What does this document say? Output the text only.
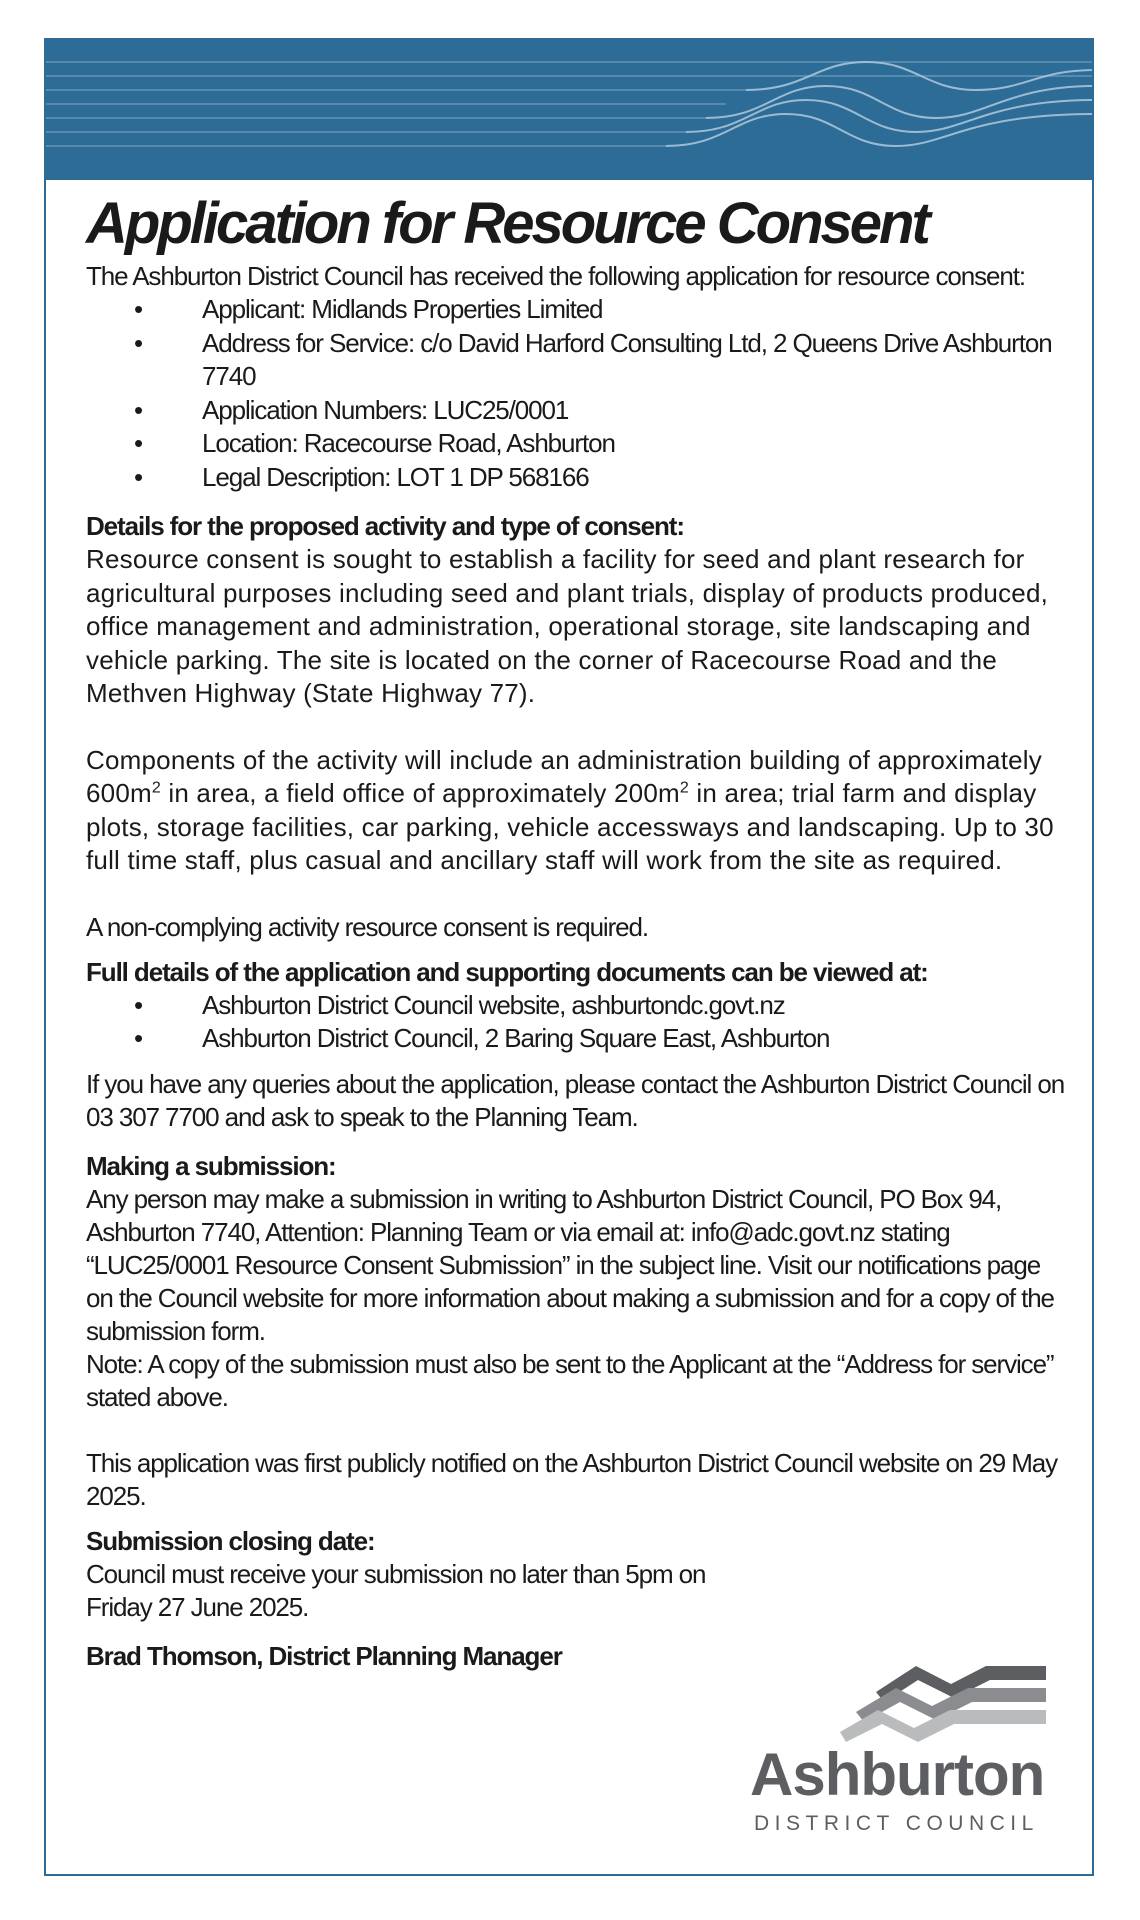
Application for Resource Consent

The Ashburton District Council has received the following application for resource consent:

• Applicant: Midlands Properties Limited
• Address for Service: c/o David Harford Consulting Ltd, 2 Queens Drive Ashburton 7740
• Application Numbers: LUC25/0001
• Location: Racecourse Road, Ashburton
• Legal Description: LOT 1 DP 568166

Details for the proposed activity and type of consent:

Resource consent is sought to establish a facility for seed and plant research for agricultural purposes including seed and plant trials, display of products produced, office management and administration, operational storage, site landscaping and vehicle parking. The site is located on the corner of Racecourse Road and the Methven Highway (State Highway 77).

Components of the activity will include an administration building of approximately $600m^2$ in area, a field office of approximately $200m^2$ in area; trial farm and display plots, storage facilities, car parking, vehicle accessways and landscaping. Up to 30 full time staff, plus casual and ancillary staff will work from the site as required.

A non-complying activity resource consent is required.

Full details of the application and supporting documents can be viewed at:

• Ashburton District Council website, ashburtondc.govt.nz
• Ashburton District Council, 2 Baring Square East, Ashburton

If you have any queries about the application, please contact the Ashburton District Council on 03 307 7700 and ask to speak to the Planning Team.

Making a submission:

Any person may make a submission in writing to Ashburton District Council, PO Box 94, Ashburton 7740, Attention: Planning Team or via email at: info@adc.govt.nz stating “LUC25/0001 Resource Consent Submission” in the subject line. Visit our notifications page on the Council website for more information about making a submission and for a copy of the submission form.

Note: A copy of the submission must also be sent to the Applicant at the “Address for service” stated above.

This application was first publicly notified on the Ashburton District Council website on 29 May 2025.

Submission closing date:

Council must receive your submission no later than 5pm on Friday 27 June 2025.

Brad Thomson, District Planning Manager

Ashburton
DISTRICT COUNCIL
